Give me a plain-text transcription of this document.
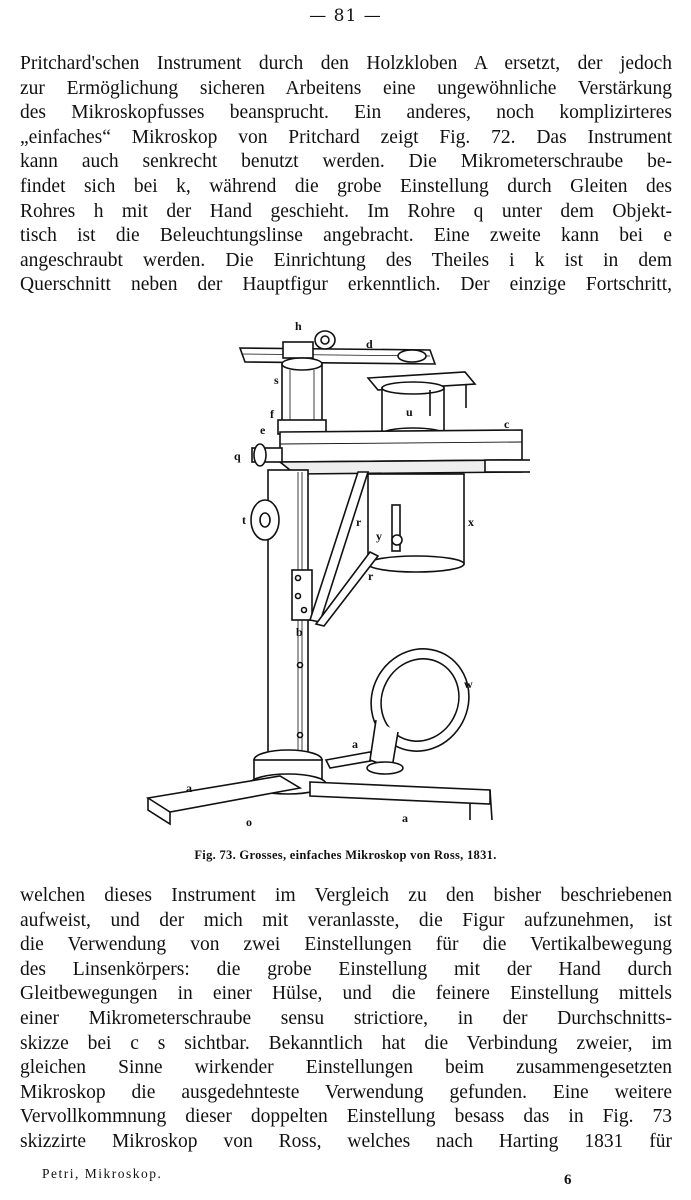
— 81 —
Pritchard'schen Instrument durch den Holzkloben A ersetzt, der jedoch
zur Ermöglichung sicheren Arbeitens eine ungewöhnliche Verstärkung
des Mikroskopfusses beansprucht. Ein anderes, noch komplizirteres
„einfaches“ Mikroskop von Pritchard zeigt Fig. 72. Das Instrument
kann auch senkrecht benutzt werden. Die Mikrometerschraube be-
findet sich bei k, während die grobe Einstellung durch Gleiten des
Rohres h mit der Hand geschieht. Im Rohre q unter dem Objekt-
tisch ist die Beleuchtungslinse angebracht. Eine zweite kann bei e
angeschraubt werden. Die Einrichtung des Theiles i k ist in dem
Querschnitt neben der Hauptfigur erkenntlich. Der einzige Fortschritt,
h
d
s
f
e
u
c
q
t	r
y
x
r
b
w
a
a
a
o
Fig. 73. Grosses, einfaches Mikroskop von Ross, 1831.
welchen dieses Instrument im Vergleich zu den bisher beschriebenen
aufweist, und der mich mit veranlasste, die Figur aufzunehmen, ist
die Verwendung von zwei Einstellungen für die Vertikalbewegung
des Linsenkörpers: die grobe Einstellung mit der Hand durch
Gleitbewegungen in einer Hülse, und die feinere Einstellung mittels
einer Mikrometerschraube sensu strictiore, in der Durchschnitts-
skizze bei c s sichtbar. Bekanntlich hat die Verbindung zweier, im
gleichen Sinne wirkender Einstellungen beim zusammengesetzten
Mikroskop die ausgedehnteste Verwendung gefunden. Eine weitere
Vervollkommnung dieser doppelten Einstellung besass das in Fig. 73
skizzirte Mikroskop von Ross, welches nach Harting 1831 für
Petri, Mikroskop.	6
